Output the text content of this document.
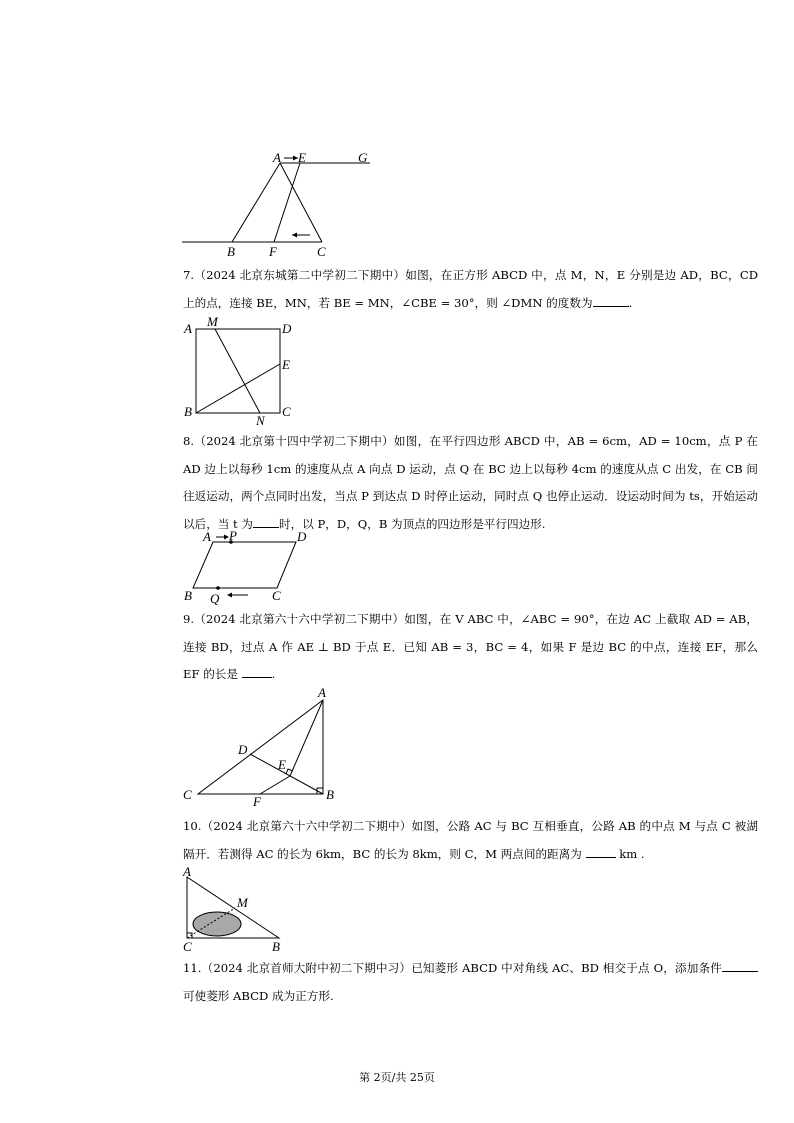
A E	G
B	F	C

7.（2024 北京东城第二中学初二下期中）如图，在正方形 ABCD 中，点 M，N，E 分别是边 AD，BC，CD 上的点，连接 BE，MN，若 BE = MN，∠CBE = 30°，则 ∠DMN 的度数为	.

A M	D
E
B
N
C

8.（2024 北京第十四中学初二下期中）如图，在平行四边形 ABCD 中，AB = 6cm，AD = 10cm，点 P 在 AD 边上以每秒 1cm 的速度从点 A 向点 D 运动，点 Q 在 BC 边上以每秒 4cm 的速度从点 C 出发，在 CB 间往返运动，两个点同时出发，当点 P 到达点 D 时停止运动，同时点 Q 也停止运动．设运动时间为 ts，开始运动以后，当 t 为 时，以 P，D，Q，B 为顶点的四边形是平行四边形.

A P	D
B Q	C

9.（2024 北京第六十六中学初二下期中）如图，在 V ABC 中，∠ABC = 90°，在边 AC 上截取 AD = AB，连接 BD，过点 A 作 AE ⊥ BD 于点 E．已知 AB = 3，BC = 4，如果 F 是边 BC 的中点，连接 EF，那么 EF 的长是	.

A
D
E
C	F	B

10.（2024 北京第六十六中学初二下期中）如图，公路 AC 与 BC 互相垂直，公路 AB 的中点 M 与点 C 被湖隔开．若测得 AC 的长为 6km，BC 的长为 8km，则 C，M 两点间的距离为	km .

A
M
C	B

11.（2024 北京首师大附中初二下期中习）已知菱形 ABCD 中对角线 AC、BD 相交于点 O，添加条件可使菱形 ABCD 成为正方形.

第 2页/共 25页
